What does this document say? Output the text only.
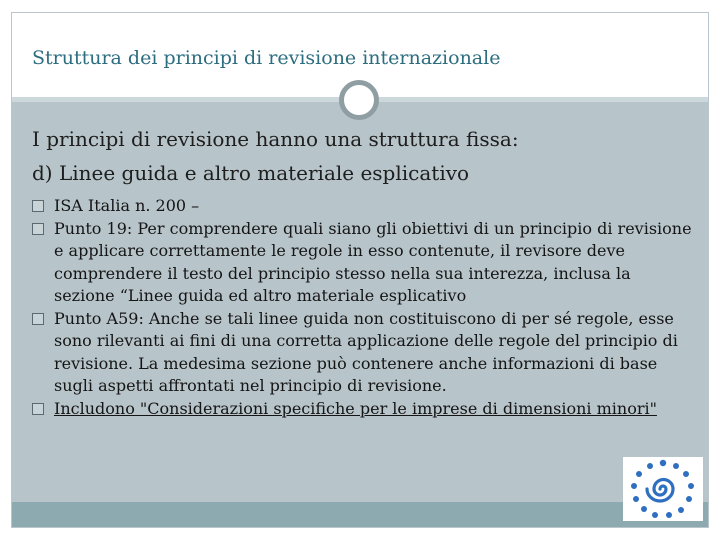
Struttura dei principi di revisione internazionale
I principi di revisione hanno una struttura fissa:
d) Linee guida e altro materiale esplicativo
ISA Italia n. 200 –
Punto 19: Per comprendere quali siano gli obiettivi di un principio di revisione e applicare correttamente le regole in esso contenute, il revisore deve comprendere il testo del principio stesso nella sua interezza, inclusa la sezione “Linee guida ed altro materiale esplicativo
Punto A59: Anche se tali linee guida non costituiscono di per sé regole, esse sono rilevanti ai fini di una corretta applicazione delle regole del principio di revisione. La medesima sezione può contenere anche informazioni di base sugli aspetti affrontati nel principio di revisione.
Includono "Considerazioni specifiche per le imprese di dimensioni minori"
